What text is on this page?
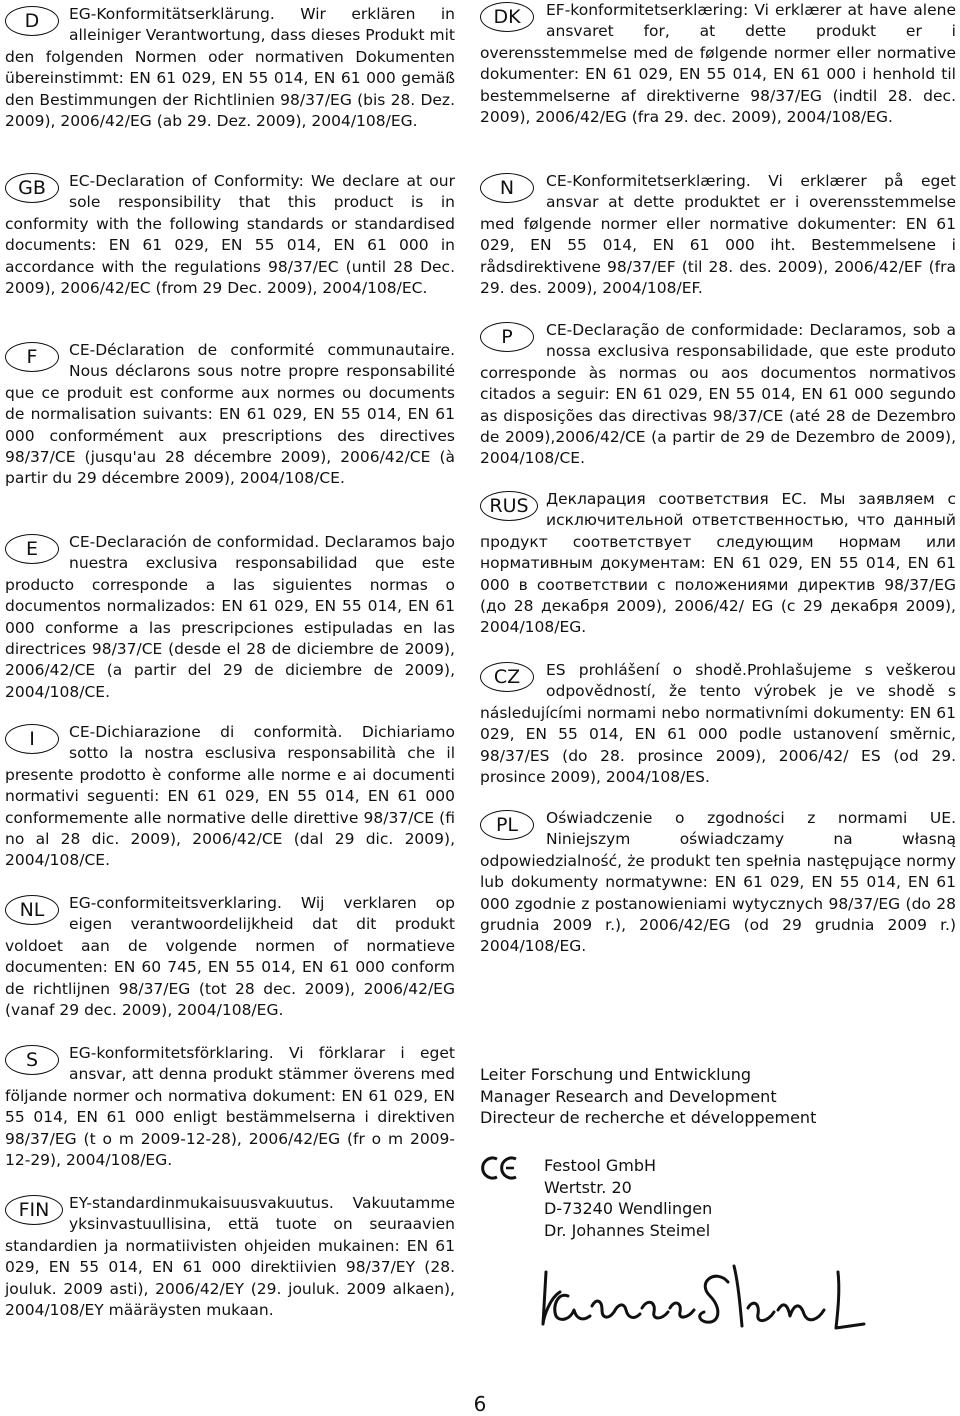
D	EG-Konformitätserklärung. Wir erklären in alleiniger Verantwortung, dass dieses Produkt mit den folgenden Normen oder normativen Dokumenten übereinstimmt: EN 61 029, EN 55 014, EN 61 000 gemäß den Bestimmungen der Richtlinien 98/37/EG (bis 28. Dez. 2009), 2006/42/EG (ab 29. Dez. 2009), 2004/108/EG.

GB	EC-Declaration of Conformity: We declare at our sole responsibility that this product is in conformity with the following standards or standardised documents: EN 61 029, EN 55 014, EN 61 000 in accordance with the regulations 98/37/EC (until 28 Dec. 2009), 2006/42/EC (from 29 Dec. 2009), 2004/108/EC.

F	CE-Déclaration de conformité communautaire. Nous déclarons sous notre propre responsabilité que ce produit est conforme aux normes ou documents de normalisation suivants: EN 61 029, EN 55 014, EN 61 000 conformément aux prescriptions des directives 98/37/CE (jusqu'au 28 décembre 2009), 2006/42/CE (à partir du 29 décembre 2009), 2004/108/CE.

E	CE-Declaración de conformidad. Declaramos bajo nuestra exclusiva responsabilidad que este producto corresponde a las siguientes normas o documentos normalizados: EN 61 029, EN 55 014, EN 61 000 conforme a las prescripciones estipuladas en las directrices 98/37/CE (desde el 28 de diciembre de 2009), 2006/42/CE (a partir del 29 de diciembre de 2009), 2004/108/CE.

I	CE-Dichiarazione di conformità. Dichiariamo sotto la nostra esclusiva responsabilità che il presente prodotto è conforme alle norme e ai documenti normativi seguenti: EN 61 029, EN 55 014, EN 61 000 conformemente alle normative delle direttive 98/37/CE (fi no al 28 dic. 2009), 2006/42/CE (dal 29 dic. 2009), 2004/108/CE.

NL	EG-conformiteitsverklaring. Wij verklaren op eigen verantwoordelijkheid dat dit produkt voldoet aan de volgende normen of normatieve documenten: EN 60 745, EN 55 014, EN 61 000 conform de richtlijnen 98/37/EG (tot 28 dec. 2009), 2006/42/EG (vanaf 29 dec. 2009), 2004/108/EG.

S	EG-konformitetsförklaring. Vi förklarar i eget ansvar, att denna produkt stämmer överens med följande normer och normativa dokument: EN 61 029, EN 55 014, EN 61 000 enligt bestämmelserna i direktiven 98/37/EG (t o m 2009-12-28), 2006/42/EG (fr o m 2009-12-29), 2004/108/EG.

FIN	EY-standardinmukaisuusvakuutus. Vakuutamme yksinvastuullisina, että tuote on seuraavien standardien ja normatiivisten ohjeiden mukainen: EN 61 029, EN 55 014, EN 61 000 direktiivien 98/37/EY (28. jouluk. 2009 asti), 2006/42/EY (29. jouluk. 2009 alkaen), 2004/108/EY määräysten mukaan.

DK	EF-konformitetserklæring: Vi erklærer at have alene ansvaret for, at dette produkt er i overensstemmelse med de følgende normer eller normative dokumenter: EN 61 029, EN 55 014, EN 61 000 i henhold til bestemmelserne af direktiverne 98/37/EG (indtil 28. dec. 2009), 2006/42/EG (fra 29. dec. 2009), 2004/108/EG.

N	CE-Konformitetserklæring. Vi erklærer på eget ansvar at dette produktet er i overensstemmelse med følgende normer eller normative dokumenter: EN 61 029, EN 55 014, EN 61 000 iht. Bestemmelsene i rådsdirektivene 98/37/EF (til 28. des. 2009), 2006/42/EF (fra 29. des. 2009), 2004/108/EF.

P	CE-Declaração de conformidade: Declaramos, sob a nossa exclusiva responsabilidade, que este produto corresponde às normas ou aos documentos normativos citados a seguir: EN 61 029, EN 55 014, EN 61 000 segundo as disposições das directivas 98/37/CE (até 28 de Dezembro de 2009),2006/42/CE (a partir de 29 de Dezembro de 2009), 2004/108/CE.

RUS	Декларация соответствия ЕС. Мы заявляем с исключительной ответственностью, что данный продукт соответствует следующим нормам или нормативным документам: EN 61 029, EN 55 014, EN 61 000 в соответствии с положениями директив 98/37/EG (до 28 декабря 2009), 2006/42/ EG (с 29 декабря 2009), 2004/108/EG.

CZ	ES prohlášení o shodě.Prohlašujeme s veškerou odpovědností, že tento výrobek je ve shodě s následujícími normami nebo normativními dokumenty: EN 61 029, EN 55 014, EN 61 000 podle ustanovení směrnic, 98/37/ES (do 28. prosince 2009), 2006/42/ ES (od 29. prosince 2009), 2004/108/ES.

PL	Oświadczenie o zgodności z normami UE. Niniejszym oświadczamy na własną odpowiedzialność, że produkt ten spełnia następujące normy lub dokumenty normatywne: EN 61 029, EN 55 014, EN 61 000 zgodnie z postanowieniami wytycznych 98/37/EG (do 28 grudnia 2009 r.), 2006/42/EG (od 29 grudnia 2009 r.) 2004/108/EG.

Leiter Forschung und Entwicklung
Manager Research and Development
Directeur de recherche et développement
Festool GmbH
Wertstr. 20
D-73240 Wendlingen
Dr. Johannes Steimel
6
